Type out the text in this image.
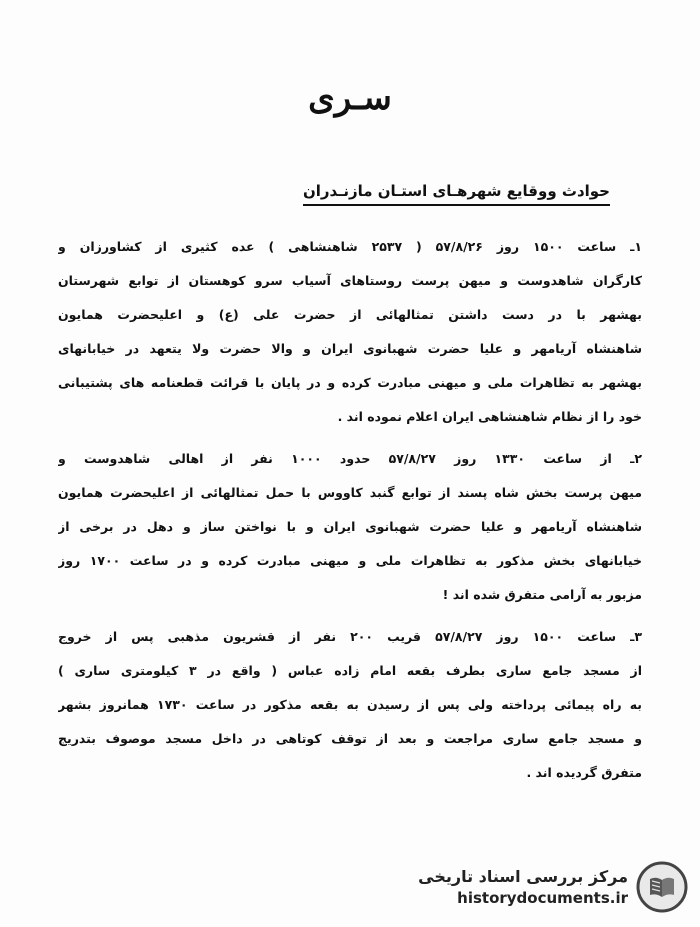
سـری
حوادث ووقايع شهرهـای استـان مازنـدران
۱ـ ساعت ۱۵۰۰ روز ۵۷/۸/۲۶ ( ۲۵۳۷ شاهنشاهی ) عده کثيری از کشاورزان و
کارگران شاهدوست و ميهن پرست روستاهای آسياب سرو کوهستان از توابع شهرستان
بهشهر با در دست داشتن تمثالهائی از حضرت علی (ع) و اعليحضرت همايون
شاهنشاه آريامهر و عليا حضرت شهبانوی ايران و والا حضرت ولا يتعهد در خيابانهای
بهشهر به تظاهرات ملی و ميهنی مبادرت کرده و در پايان با قرائت قطعنامه های پشتيبانی
خود را از نظام شاهنشاهی ايران اعلام نموده اند .
۲ـ از ساعت ۱۳۳۰ روز ۵۷/۸/۲۷ حدود ۱۰۰۰ نفر از اهالی شاهدوست و
ميهن پرست بخش شاه پسند از توابع گنبد کاووس با حمل تمثالهائی از اعليحضرت همايون
شاهنشاه آريامهر و عليا حضرت شهبانوی ايران و با نواختن ساز و دهل در برخی از
خيابانهای بخش مذکور به تظاهرات ملی و ميهنی مبادرت کرده و در ساعت ۱۷۰۰ روز
مزبور به آرامی متفرق شده اند !
۳ـ ساعت ۱۵۰۰ روز ۵۷/۸/۲۷ قريب ۲۰۰ نفر از قشريون مذهبی پس از خروج
از مسجد جامع ساری بطرف بقعه امام زاده عباس ( واقع در ۳ کيلومتری ساری )
به راه پيمائی پرداخته ولی پس از رسيدن به بقعه مذکور در ساعت ۱۷۳۰ همانروز بشهر
و مسجد جامع ساری مراجعت و بعد از توقف کوتاهی در داخل مسجد موصوف بتدريج
متفرق گرديده اند .
مرکز بررسی اسناد تاریخی
historydocuments.ir
